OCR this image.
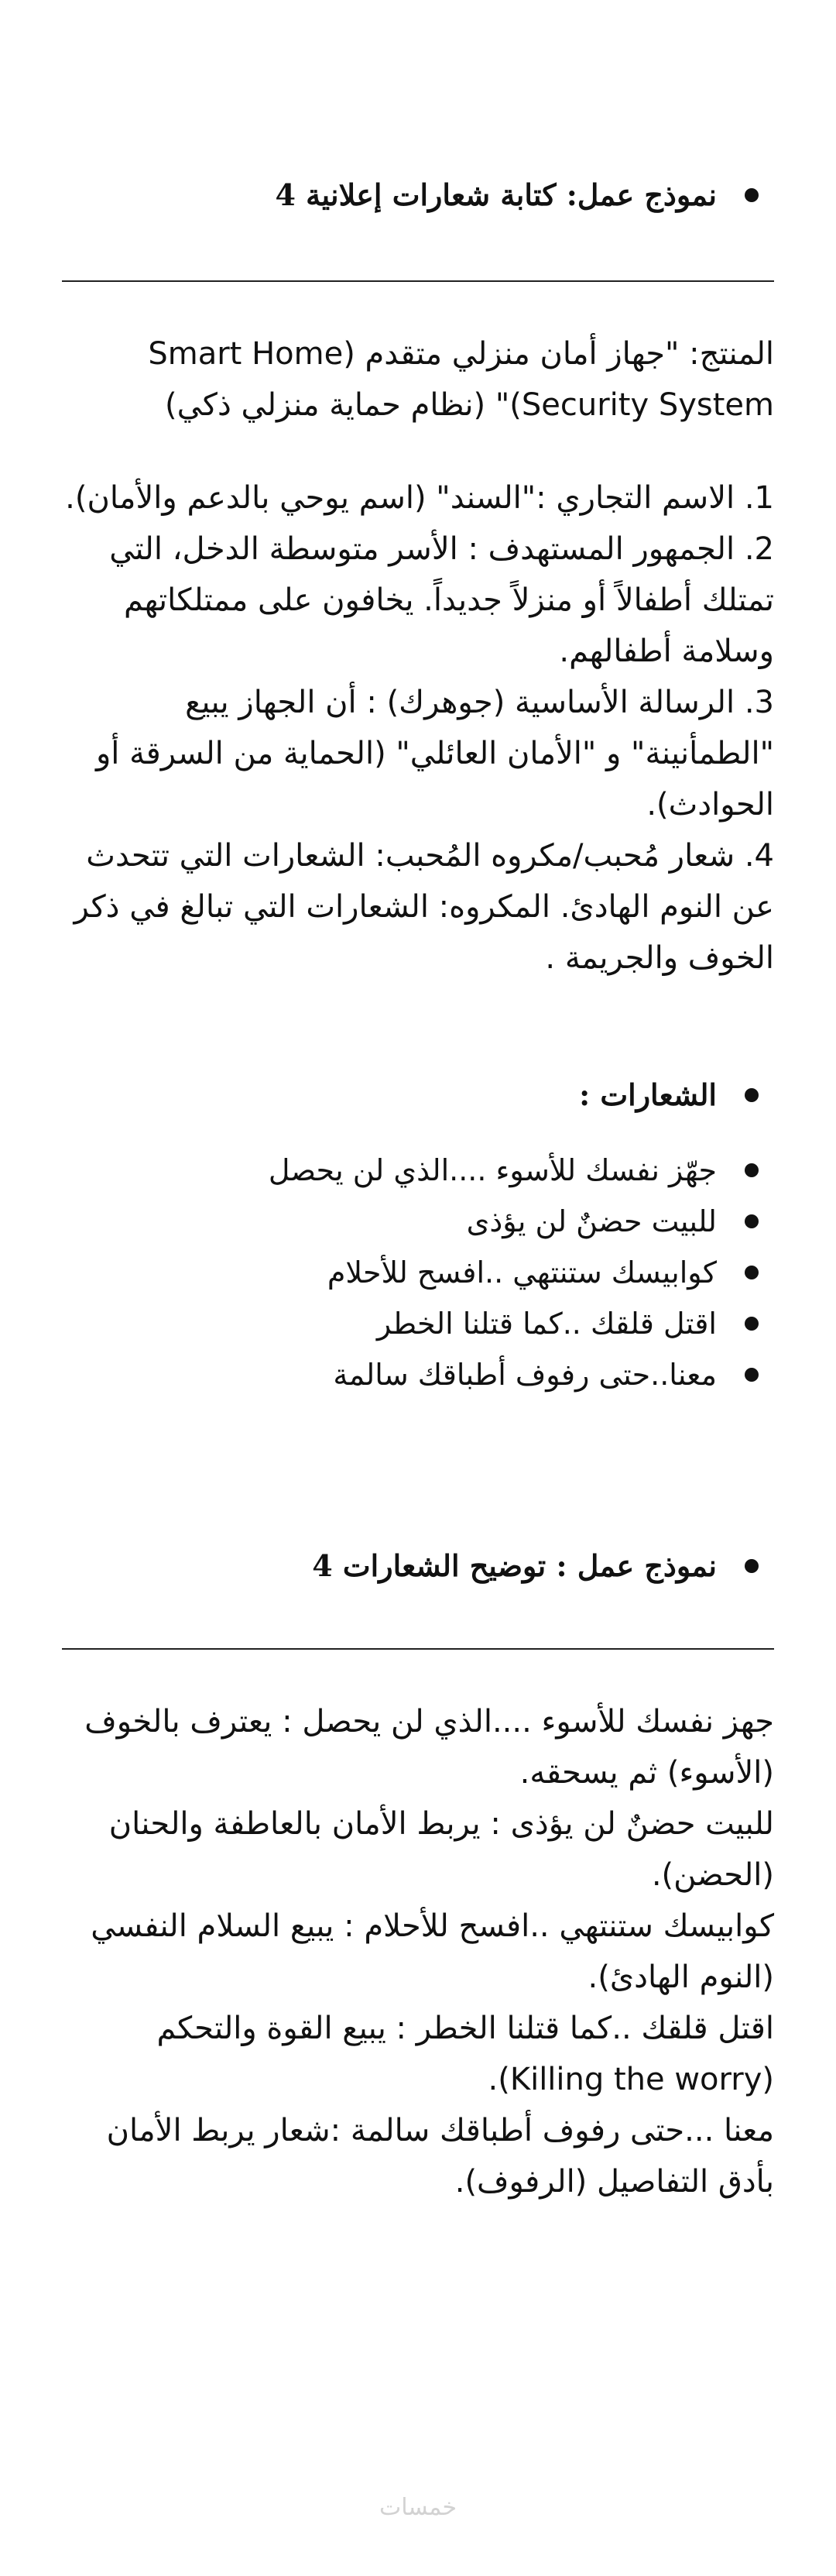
نموذج عمل: كتابة شعارات إعلانية 4

المنتج: "جهاز أمان منزلي متقدم (Smart Home Security System)" (نظام حماية منزلي ذكي)

1. الاسم التجاري :"السند" (اسم يوحي بالدعم والأمان).
2. الجمهور المستهدف : الأسر متوسطة الدخل، التي تمتلك أطفالاً أو منزلاً جديداً. يخافون على ممتلكاتهم وسلامة أطفالهم.
3. الرسالة الأساسية (جوهرك) : أن الجهاز يبيع "الطمأنينة" و "الأمان العائلي" (الحماية من السرقة أو الحوادث).
4. شعار مُحبب/مكروه المُحبب: الشعارات التي تتحدث عن النوم الهادئ. المكروه: الشعارات التي تبالغ في ذكر الخوف والجريمة .
الشعارات :
جهّز نفسك للأسوء ....الذي لن يحصل
للبيت حضنٌ لن يؤذى
كوابيسك ستنتهي ..افسح للأحلام
اقتل قلقك ..كما قتلنا الخطر
معنا..حتى رفوف أطباقك سالمة
نموذج عمل : توضيح الشعارات 4

جهز نفسك للأسوء ....الذي لن يحصل : يعترف بالخوف (الأسوء) ثم يسحقه.

للبيت حضنٌ لن يؤذى : يربط الأمان بالعاطفة والحنان (الحضن).

كوابيسك ستنتهي ..افسح للأحلام : يبيع السلام النفسي (النوم الهادئ).

اقتل قلقك ..كما قتلنا الخطر : يبيع القوة والتحكم (Killing the worry).

معنا ...حتى رفوف أطباقك سالمة :شعار يربط الأمان بأدق التفاصيل (الرفوف).

خمسات
